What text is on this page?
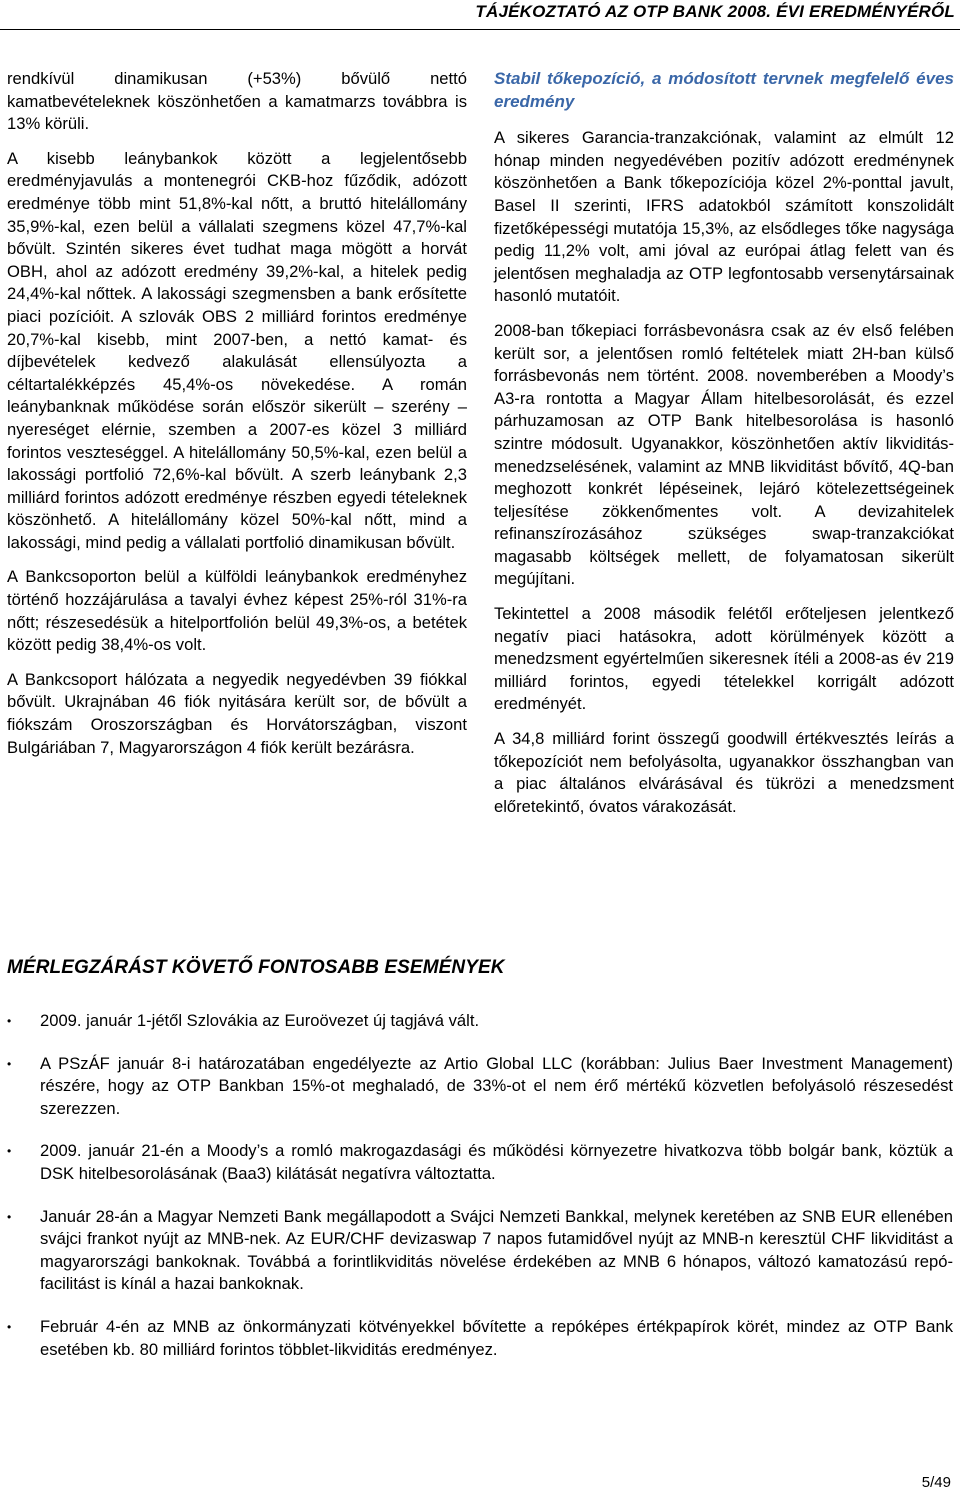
TÁJÉKOZTATÓ AZ OTP BANK 2008. ÉVI EREDMÉNYÉRŐL

rendkívül dinamikusan (+53%) bővülő nettó kamatbevételeknek köszönhetően a kamatmarzs továbbra is 13% körüli.

A kisebb leánybankok között a legjelentősebb eredményjavulás a montenegrói CKB-hoz fűződik, adózott eredménye több mint 51,8%-kal nőtt, a bruttó hitelállomány 35,9%-kal, ezen belül a vállalati szegmens közel 47,7%-kal bővült. Szintén sikeres évet tudhat maga mögött a horvát OBH, ahol az adózott eredmény 39,2%-kal, a hitelek pedig 24,4%-kal nőttek. A lakossági szegmensben a bank erősítette piaci pozícióit. A szlovák OBS 2 milliárd forintos eredménye 20,7%-kal kisebb, mint 2007-ben, a nettó kamat- és díjbevételek kedvező alakulását ellensúlyozta a céltartalékképzés 45,4%-os növekedése. A román leánybanknak működése során először sikerült – szerény – nyereséget elérnie, szemben a 2007-es közel 3 milliárd forintos veszteséggel. A hitelállomány 50,5%-kal, ezen belül a lakossági portfolió 72,6%-kal bővült. A szerb leánybank 2,3 milliárd forintos adózott eredménye részben egyedi tételeknek köszönhető. A hitelállomány közel 50%-kal nőtt, mind a lakossági, mind pedig a vállalati portfolió dinamikusan bővült.

A Bankcsoporton belül a külföldi leánybankok eredményhez történő hozzájárulása a tavalyi évhez képest 25%-ról 31%-ra nőtt; részesedésük a hitelportfolión belül 49,3%-os, a betétek között pedig 38,4%-os volt.

A Bankcsoport hálózata a negyedik negyedévben 39 fiókkal bővült. Ukrajnában 46 fiók nyitására került sor, de bővült a fiókszám Oroszországban és Horvátországban, viszont Bulgáriában 7, Magyarországon 4 fiók került bezárásra.

Stabil tőkepozíció, a módosított tervnek megfelelő éves eredmény

A sikeres Garancia-tranzakciónak, valamint az elmúlt 12 hónap minden negyedévében pozitív adózott eredménynek köszönhetően a Bank tőkepozíciója közel 2%-ponttal javult, Basel II szerinti, IFRS adatokból számított konszolidált fizetőképességi mutatója 15,3%, az elsődleges tőke nagysága pedig 11,2% volt, ami jóval az európai átlag felett van és jelentősen meghaladja az OTP legfontosabb versenytársainak hasonló mutatóit.

2008-ban tőkepiaci forrásbevonásra csak az év első felében került sor, a jelentősen romló feltételek miatt 2H-ban külső forrásbevonás nem történt. 2008. novemberében a Moody’s A3-ra rontotta a Magyar Állam hitelbesorolását, és ezzel párhuzamosan az OTP Bank hitelbesorolása is hasonló szintre módosult. Ugyanakkor, köszönhetően aktív likviditás-menedzselésének, valamint az MNB likviditást bővítő, 4Q-ban meghozott konkrét lépéseinek, lejáró kötelezettségeinek teljesítése zökkenőmentes volt. A devizahitelek refinanszírozásához szükséges swap-tranzakciókat magasabb költségek mellett, de folyamatosan sikerült megújítani.

Tekintettel a 2008 második felétől erőteljesen jelentkező negatív piaci hatásokra, adott körülmények között a menedzsment egyértelműen sikeresnek ítéli a 2008-as év 219 milliárd forintos, egyedi tételekkel korrigált adózott eredményét.

A 34,8 milliárd forint összegű goodwill értékvesztés leírás a tőkepozíciót nem befolyásolta, ugyanakkor összhangban van a piac általános elvárásával és tükrözi a menedzsment előretekintő, óvatos várakozását.

MÉRLEGZÁRÁST KÖVETŐ FONTOSABB ESEMÉNYEK
• 2009. január 1-jétől Szlovákia az Euroövezet új tagjává vált.
• A PSzÁF január 8-i határozatában engedélyezte az Artio Global LLC (korábban: Julius Baer Investment Management) részére, hogy az OTP Bankban 15%-ot meghaladó, de 33%-ot el nem érő mértékű közvetlen befolyásoló részesedést szerezzen.
• 2009. január 21-én a Moody’s a romló makrogazdasági és működési környezetre hivatkozva több bolgár bank, köztük a DSK hitelbesorolásának (Baa3) kilátását negatívra változtatta.
• Január 28-án a Magyar Nemzeti Bank megállapodott a Svájci Nemzeti Bankkal, melynek keretében az SNB EUR ellenében svájci frankot nyújt az MNB-nek. Az EUR/CHF devizaswap 7 napos futamidővel nyújt az MNB-n keresztül CHF likviditást a magyarországi bankoknak. Továbbá a forintlikviditás növelése érdekében az MNB 6 hónapos, változó kamatozású repó-facilitást is kínál a hazai bankoknak.
• Február 4-én az MNB az önkormányzati kötvényekkel bővítette a repóképes értékpapírok körét, mindez az OTP Bank esetében kb. 80 milliárd forintos többlet-likviditás eredményez.
5/49
